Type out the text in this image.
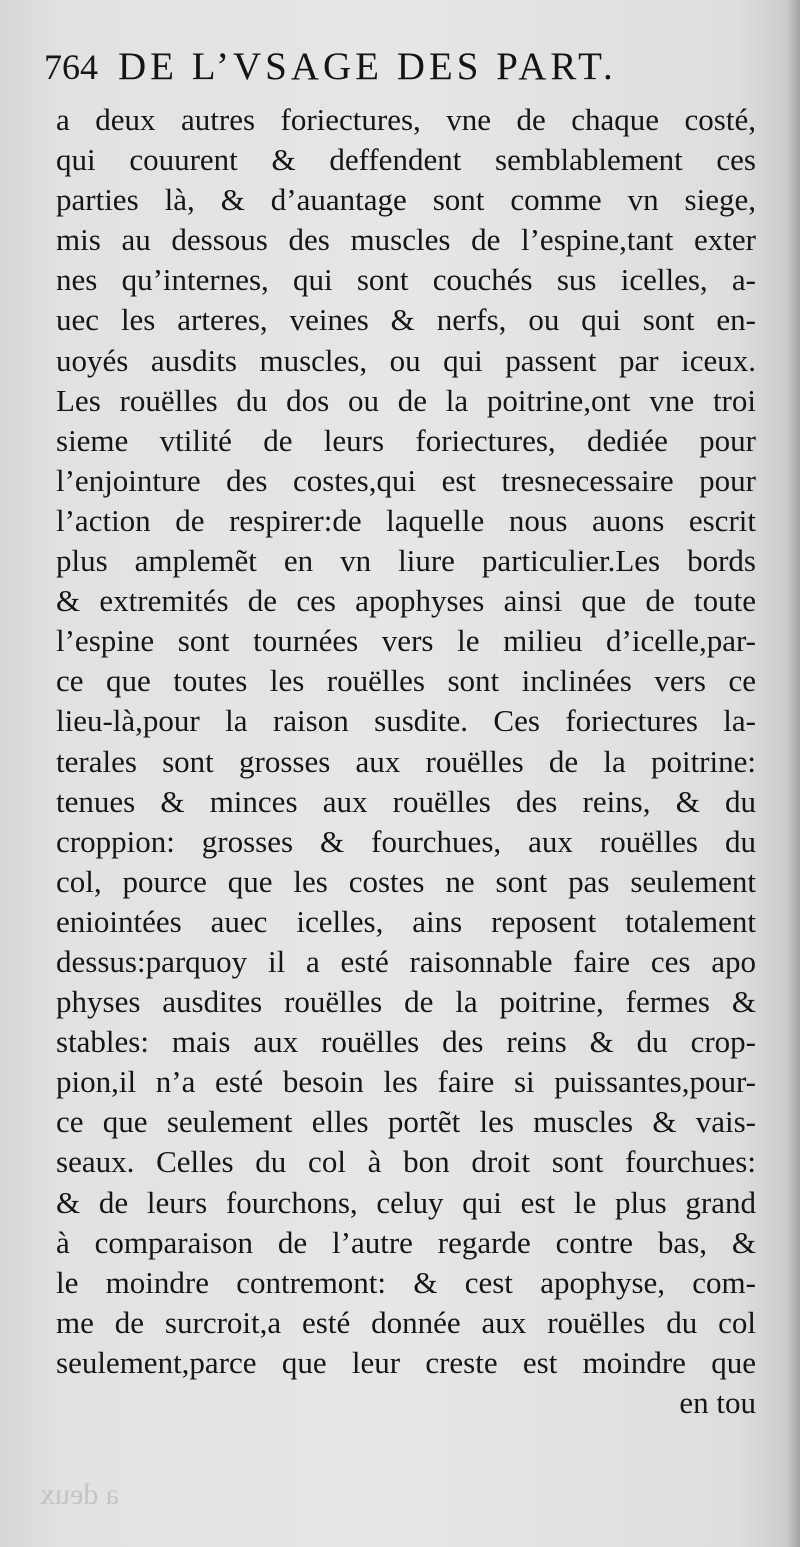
764 DE L’VSAGE DES PART.
a deux autres foriectures, vne de chaque costé,
qui couurent & deffendent semblablement ces
parties là, & d’auantage sont comme vn siege,
mis au dessous des muscles de l’espine,tant exter
nes qu’internes, qui sont couchés sus icelles, a-
uec les arteres, veines & nerfs, ou qui sont en-
uoyés ausdits muscles, ou qui passent par iceux.
Les rouëlles du dos ou de la poitrine,ont vne troi
sieme vtilité de leurs foriectures, dediée pour
l’enjointure des costes,qui est tresnecessaire pour
l’action de respirer:de laquelle nous auons escrit
plus amplemẽt en vn liure particulier.Les bords
& extremités de ces apophyses ainsi que de toute
l’espine sont tournées vers le milieu d’icelle,par-
ce que toutes les rouëlles sont inclinées vers ce
lieu-là,pour la raison susdite. Ces foriectures la-
terales sont grosses aux rouëlles de la poitrine:
tenues & minces aux rouëlles des reins, & du
croppion: grosses & fourchues, aux rouëlles du
col, pource que les costes ne sont pas seulement
eniointées auec icelles, ains reposent totalement
dessus:parquoy il a esté raisonnable faire ces apo
physes ausdites rouëlles de la poitrine, fermes &
stables: mais aux rouëlles des reins & du crop-
pion,il n’a esté besoin les faire si puissantes,pour-
ce que seulement elles portẽt les muscles & vais-
seaux. Celles du col à bon droit sont fourchues:
& de leurs fourchons, celuy qui est le plus grand
à comparaison de l’autre regarde contre bas, &
le moindre contremont: & cest apophyse, com-
me de surcroit,a esté donnée aux rouëlles du col
seulement,parce que leur creste est moindre que
en tou
a deux
